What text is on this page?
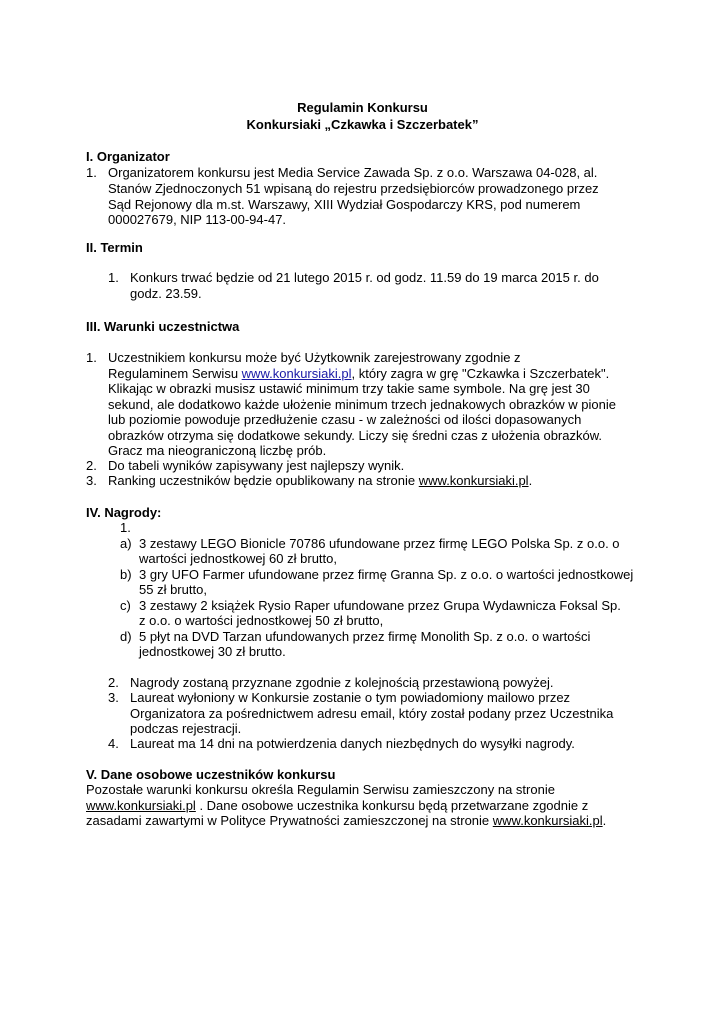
Regulamin Konkursu
Konkursiaki „Czkawka i Szczerbatek”
I. Organizator
1. Organizatorem konkursu jest Media Service Zawada Sp. z o.o. Warszawa 04-028, al.
Stanów Zjednoczonych 51 wpisaną do rejestru przedsiębiorców prowadzonego przez
Sąd Rejonowy dla m.st. Warszawy, XIII Wydział Gospodarczy KRS, pod numerem
000027679, NIP 113-00-94-47.
II. Termin
1. Konkurs trwać będzie od 21 lutego 2015 r. od godz. 11.59 do 19 marca 2015 r. do
godz. 23.59.
III. Warunki uczestnictwa
1. Uczestnikiem konkursu może być Użytkownik zarejestrowany zgodnie z
Regulaminem Serwisu www.konkursiaki.pl, który zagra w grę "Czkawka i Szczerbatek".
Klikając w obrazki musisz ustawić minimum trzy takie same symbole. Na grę jest 30
sekund, ale dodatkowo każde ułożenie minimum trzech jednakowych obrazków w pionie
lub poziomie powoduje przedłużenie czasu - w zależności od ilości dopasowanych
obrazków otrzyma się dodatkowe sekundy. Liczy się średni czas z ułożenia obrazków.
Gracz ma nieograniczoną liczbę prób.
2. Do tabeli wyników zapisywany jest najlepszy wynik.
3. Ranking uczestników będzie opublikowany na stronie www.konkursiaki.pl.
IV. Nagrody:
1.
a) 3 zestawy LEGO Bionicle 70786 ufundowane przez firmę LEGO Polska Sp. z o.o. o
wartości jednostkowej 60 zł brutto,
b) 3 gry UFO Farmer ufundowane przez firmę Granna Sp. z o.o. o wartości jednostkowej
55 zł brutto,
c) 3 zestawy 2 książek Rysio Raper ufundowane przez Grupa Wydawnicza Foksal Sp.
z o.o. o wartości jednostkowej 50 zł brutto,
d) 5 płyt na DVD Tarzan ufundowanych przez firmę Monolith Sp. z o.o. o wartości
jednostkowej 30 zł brutto.
2. Nagrody zostaną przyznane zgodnie z kolejnością przestawioną powyżej.
3. Laureat wyłoniony w Konkursie zostanie o tym powiadomiony mailowo przez
Organizatora za pośrednictwem adresu email, który został podany przez Uczestnika
podczas rejestracji.
4. Laureat ma 14 dni na potwierdzenia danych niezbędnych do wysyłki nagrody.
V. Dane osobowe uczestników konkursu
Pozostałe warunki konkursu określa Regulamin Serwisu zamieszczony na stronie
www.konkursiaki.pl . Dane osobowe uczestnika konkursu będą przetwarzane zgodnie z
zasadami zawartymi w Polityce Prywatności zamieszczonej na stronie www.konkursiaki.pl.
